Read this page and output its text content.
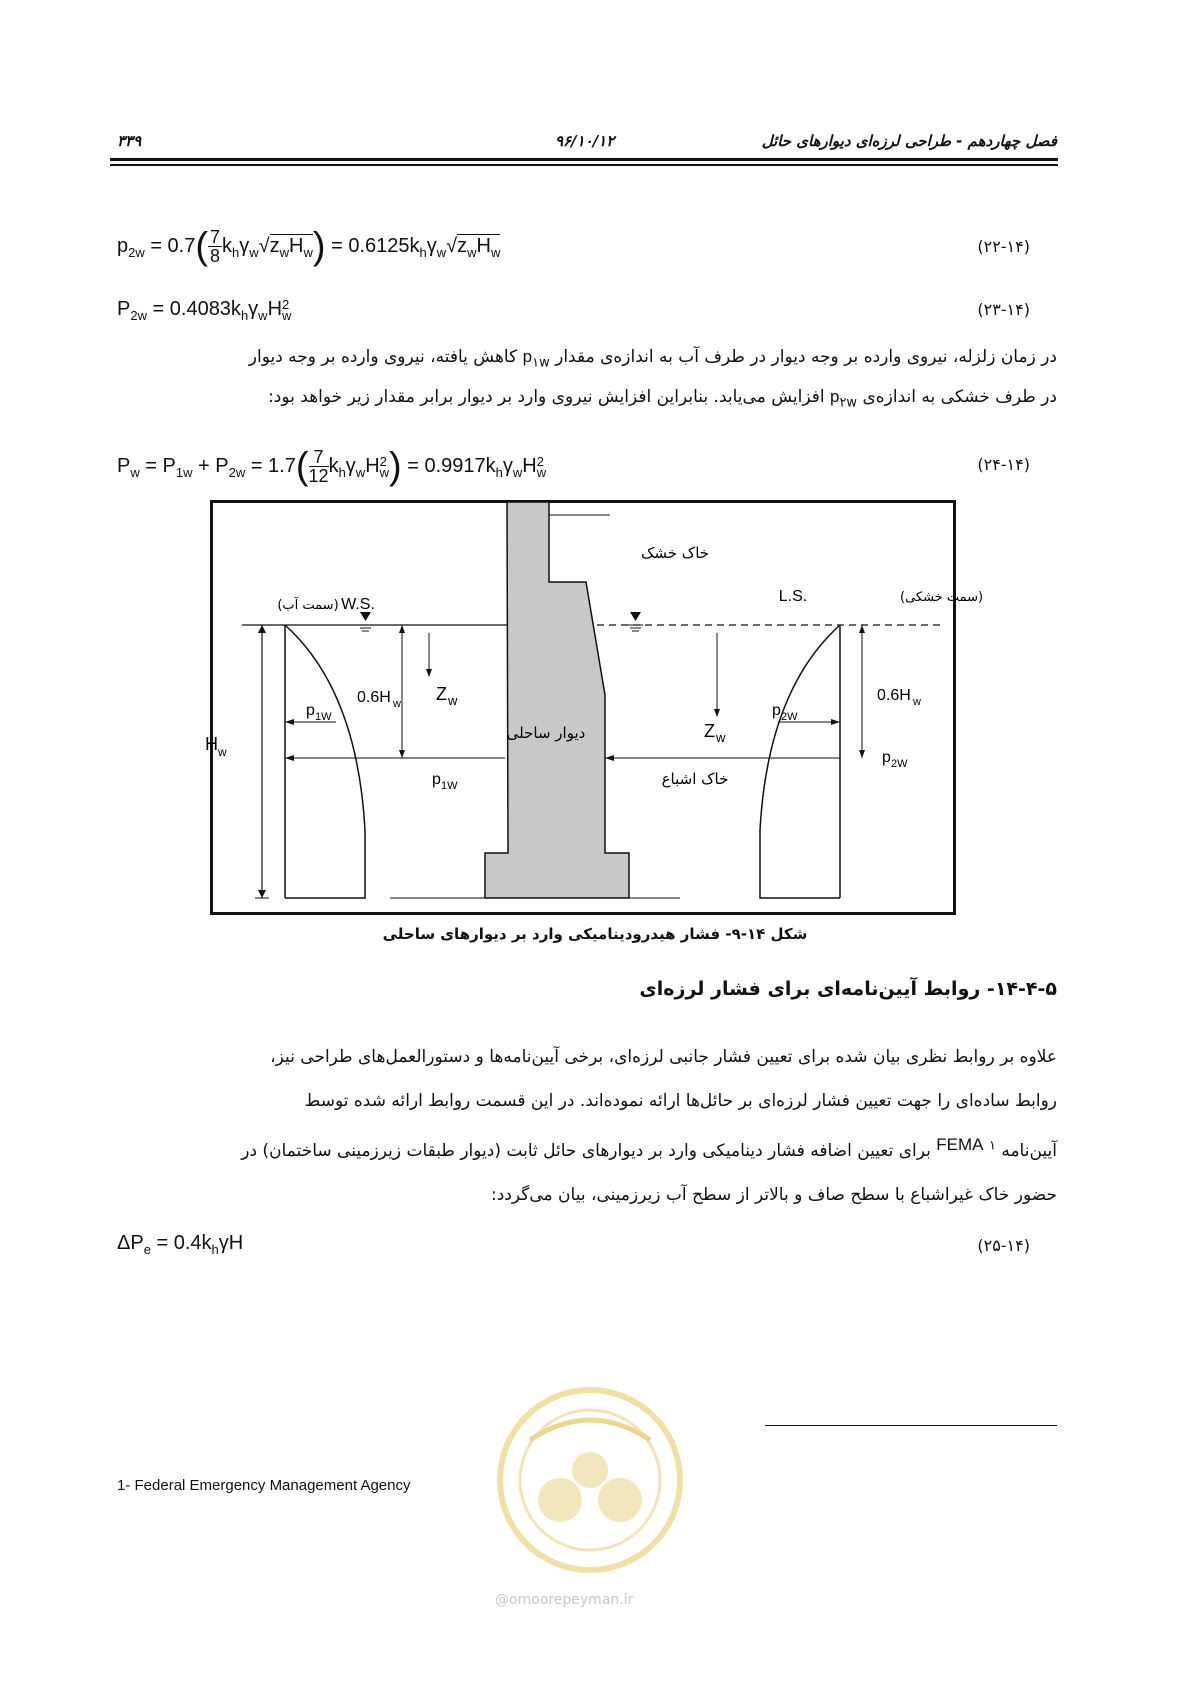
فصل چهاردهم - طراحی لرزه‌ای دیوارهای حائل
۹۶/۱۰/۱۲
۳۳۹
$p_{2w} = 0.7( \frac{7}{8} k_h\gamma_w√z_wH_w) = 0.6125k_h\gamma_w√z_wH_w$	(۲۲-۱۴)
$P_{2w} = 0.4083k_h\gamma_wH$ 2
w	(۲۳-۱۴)
در زمان زلزله، نیروی وارده بر وجه دیوار در طرف آب به اندازه‌ی مقدار $p_{۱w}$ کاهش یافته، نیروی وارده بر وجه دیوار
در طرف خشکی به اندازه‌ی $p_{۲w}$ افزایش می‌یابد. بنابراین افزایش نیروی وارد بر دیوار برابر مقدار زیر خواهد بود:
$P_w = P_{1w} + P_{2w} = 1.7( \frac{7}{12} k_h\gamma_wH$ 2
w ) = $0.9917k_h\gamma_wH$ 2
w	(۲۴-۱۴)
خاک خشک
(سمت خشکی)
L.S.
(سمت آب) W.S.
دیوار ساحلی
خاک اشباع
0.6H w	0.6H w
Z w
Z w
H w
p 1W
p 1W
p 2W
p 2W
شکل ۱۴-۹- فشار هیدرودینامیکی وارد بر دیوارهای ساحلی
۱۴-۴-۵- روابط آیین‌نامه‌ای برای فشار لرزه‌ای
علاوه بر روابط نظری بیان شده برای تعیین فشار جانبی لرزه‌ای، برخی آیین‌نامه‌ها و دستورالعمل‌های طراحی نیز،
روابط ساده‌ای را جهت تعیین فشار لرزه‌ای بر حائل‌ها ارائه نموده‌اند. در این قسمت روابط ارائه شده توسط
آیین‌نامه FEMA $^۱$ برای تعیین اضافه فشار دینامیکی وارد بر دیوارهای حائل ثابت (دیوار طبقات زیرزمینی ساختمان) در
حضور خاک غیراشباع با سطح صاف و بالاتر از سطح آب زیرزمینی، بیان می‌گردد:
$\Delta P_e = 0.4k_h\gamma H$	(۲۵-۱۴)
@omoorepeyman.ir
1- Federal Emergency Management Agency
